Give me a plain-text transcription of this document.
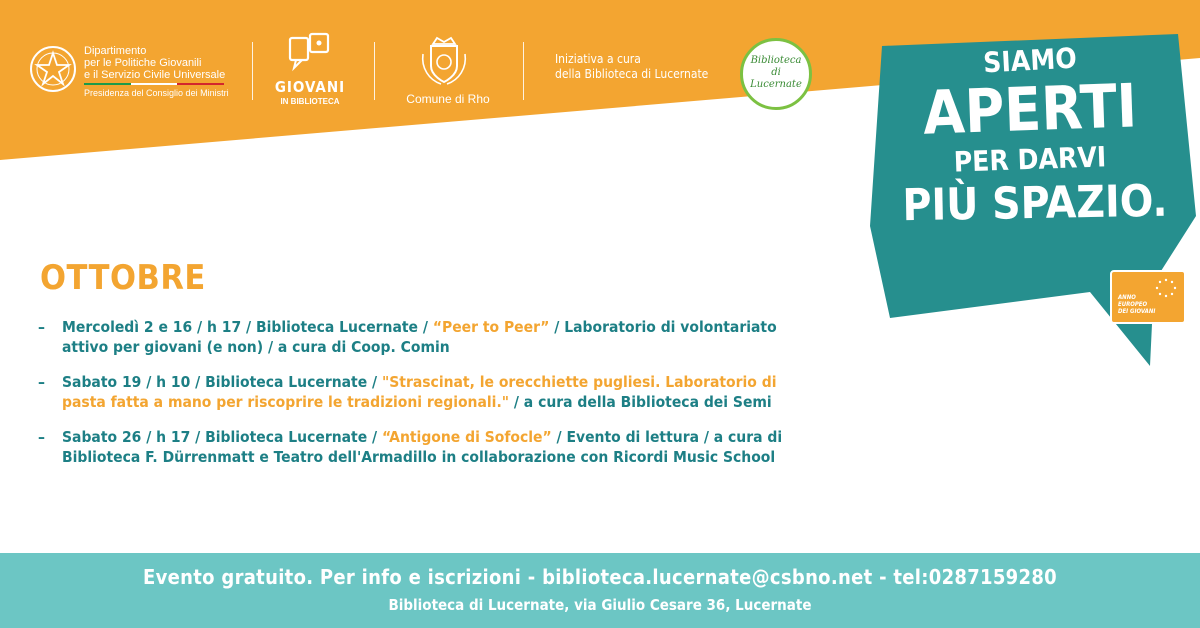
Dipartimento
per le Politiche Giovanili
e il Servizio Civile Universale
Presidenza del Consiglio dei Ministri	GIOVANI
IN BIBLIOTECA	Comune di Rho
Iniziativa a cura
della Biblioteca di Lucernate
Biblioteca
di
Lucernate
SIAMO
APERTI
PER DARVI
PIÙ SPAZIO.
ANNO
EUROPEO
DEI GIOVANI
OTTOBRE
– Mercoledì 2 e 16 / h 17 / Biblioteca Lucernate / “Peer to Peer” / Laboratorio di volontariato attivo per giovani (e non) / a cura di Coop. Comin
– Sabato 19 / h 10 / Biblioteca Lucernate / "Strascinat, le orecchiette pugliesi. Laboratorio di pasta fatta a mano per riscoprire le tradizioni regionali." / a cura della Biblioteca dei Semi
– Sabato 26 / h 17 / Biblioteca Lucernate / “Antigone di Sofocle” / Evento di lettura / a cura di Biblioteca F. Dürrenmatt e Teatro dell'Armadillo in collaborazione con Ricordi Music School
Evento gratuito. Per info e iscrizioni - biblioteca.lucernate@csbno.net - tel:0287159280
Biblioteca di Lucernate, via Giulio Cesare 36, Lucernate
